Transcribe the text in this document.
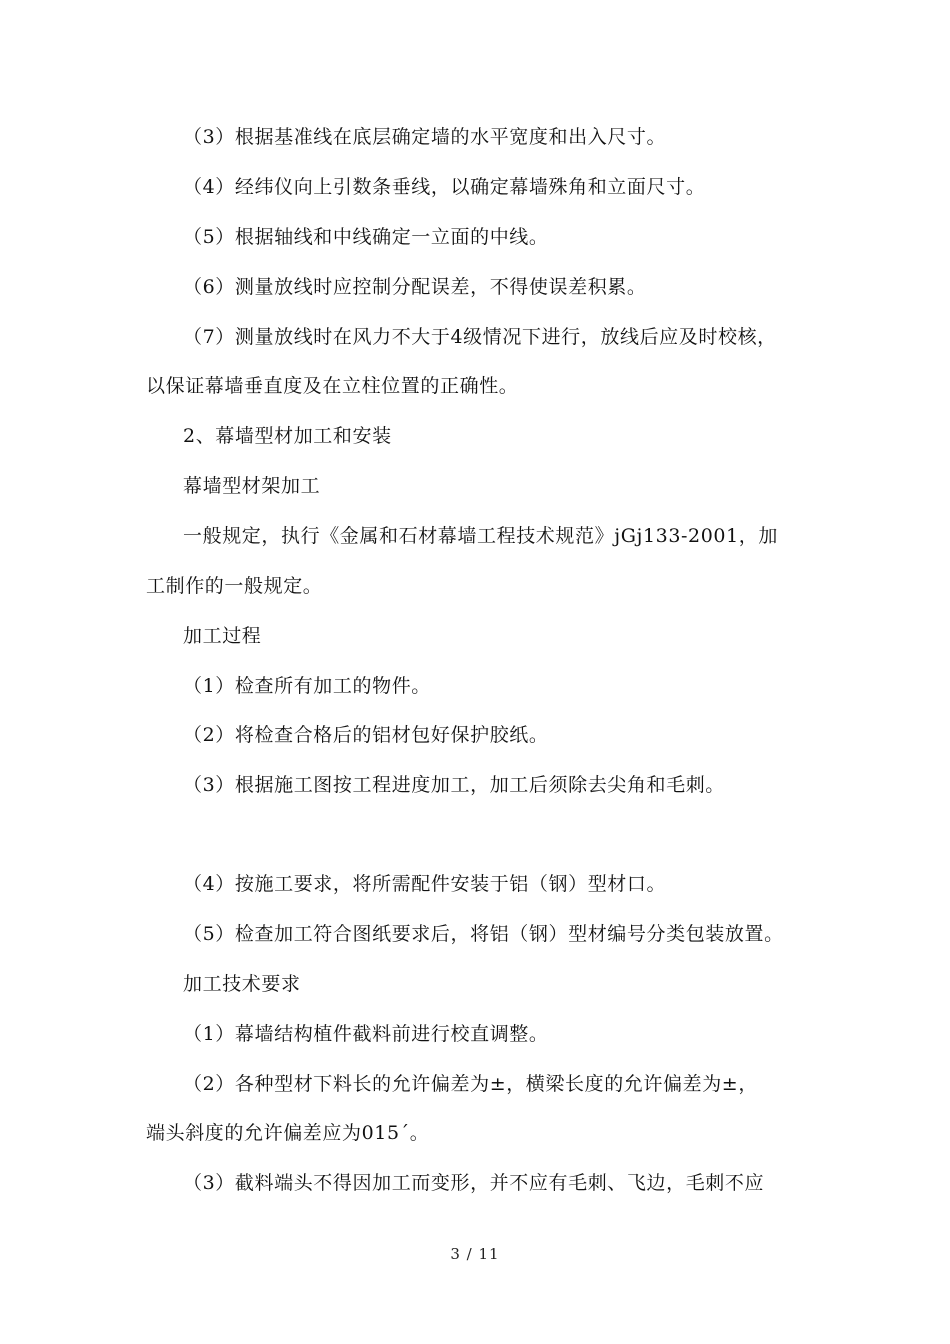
（3）根据基准线在底层确定墙的水平宽度和出入尺寸。
（4）经纬仪向上引数条垂线，以确定幕墙殊角和立面尺寸。
（5）根据轴线和中线确定一立面的中线。
（6）测量放线时应控制分配误差，不得使误差积累。
（7）测量放线时在风力不大于4级情况下进行，放线后应及时校核，
以保证幕墙垂直度及在立柱位置的正确性。
2、幕墙型材加工和安装
幕墙型材架加工
一般规定，执行《金属和石材幕墙工程技术规范》jGj133-2001，加
工制作的一般规定。
加工过程
（1）检查所有加工的物件。
（2）将检查合格后的铝材包好保护胶纸。
（3）根据施工图按工程进度加工，加工后须除去尖角和毛刺。
（4）按施工要求，将所需配件安装于铝（钢）型材口。
（5）检查加工符合图纸要求后，将铝（钢）型材编号分类包装放置。
加工技术要求
（1）幕墙结构植件截料前进行校直调整。
（2）各种型材下料长的允许偏差为±，横梁长度的允许偏差为±，
端头斜度的允许偏差应为015´。
（3）截料端头不得因加工而变形，并不应有毛刺、飞边，毛刺不应
3 / 11
